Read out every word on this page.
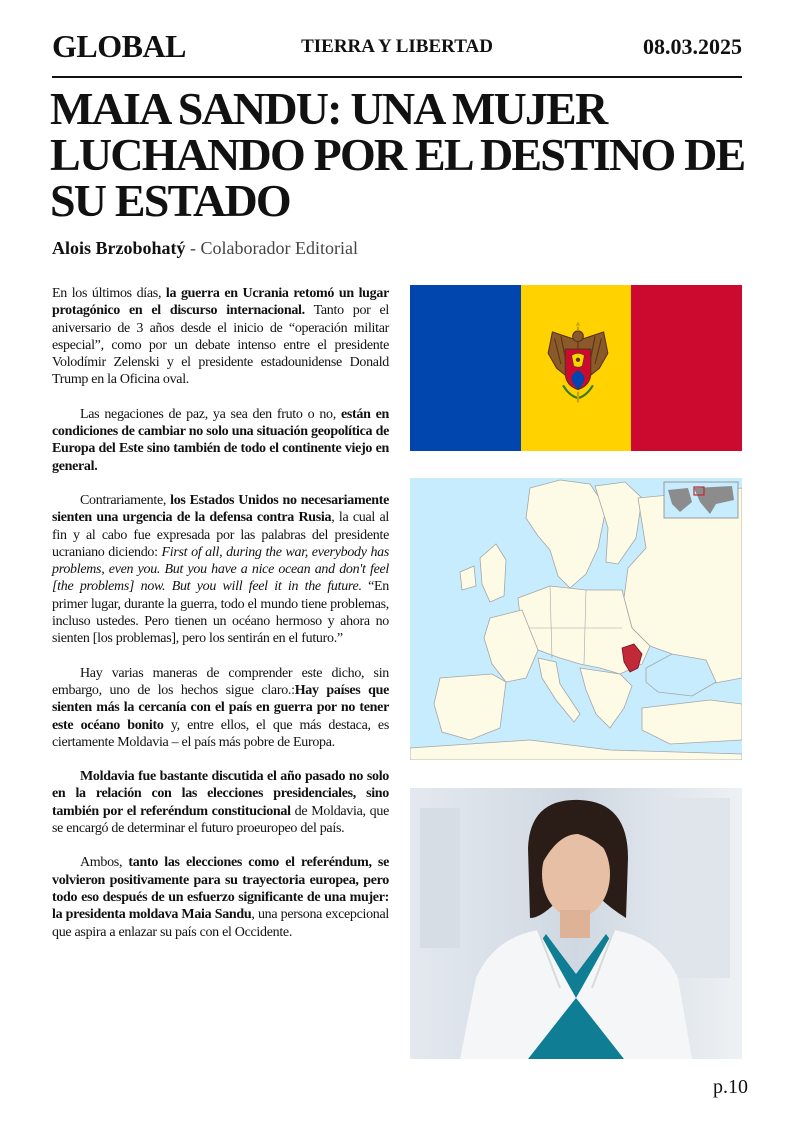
GLOBAL	TIERRA Y LIBERTAD	08.03.2025
MAIA SANDU: UNA MUJER LUCHANDO POR EL DESTINO DE SU ESTADO
Alois Brzobohatý - Colaborador Editorial

En los últimos días, la guerra en Ucrania retomó un lugar protagónico en el discurso internacional. Tanto por el aniversario de 3 años desde el inicio de “operación militar especial”, como por un debate intenso entre el presidente Volodímir Zelenski y el presidente estadounidense Donald Trump en la Oficina oval.

Las negaciones de paz, ya sea den fruto o no, están en condiciones de cambiar no solo una situación geopolítica de Europa del Este sino también de todo el continente viejo en general.

Contrariamente, los Estados Unidos no necesariamente sienten una urgencia de la defensa contra Rusia, la cual al fin y al cabo fue expresada por las palabras del presidente ucraniano diciendo: First of all, during the war, everybody has problems, even you. But you have a nice ocean and don't feel [the problems] now. But you will feel it in the future. “En primer lugar, durante la guerra, todo el mundo tiene problemas, incluso ustedes. Pero tienen un océano hermoso y ahora no sienten [los problemas], pero los sentirán en el futuro.”

Hay varias maneras de comprender este dicho, sin embargo, uno de los hechos sigue claro.:Hay países que sienten más la cercanía con el país en guerra por no tener este océano bonito y, entre ellos, el que más destaca, es ciertamente Moldavia – el país más pobre de Europa.

Moldavia fue bastante discutida el año pasado no solo en la relación con las elecciones presidenciales, sino también por el referéndum constitucional de Moldavia, que se encargó de determinar el futuro proeuropeo del país.

Ambos, tanto las elecciones como el referéndum, se volvieron positivamente para su trayectoria europea, pero todo eso después de un esfuerzo significante de una mujer: la presidenta moldava Maia Sandu, una persona excepcional que aspira a enlazar su país con el Occidente.

p.10
